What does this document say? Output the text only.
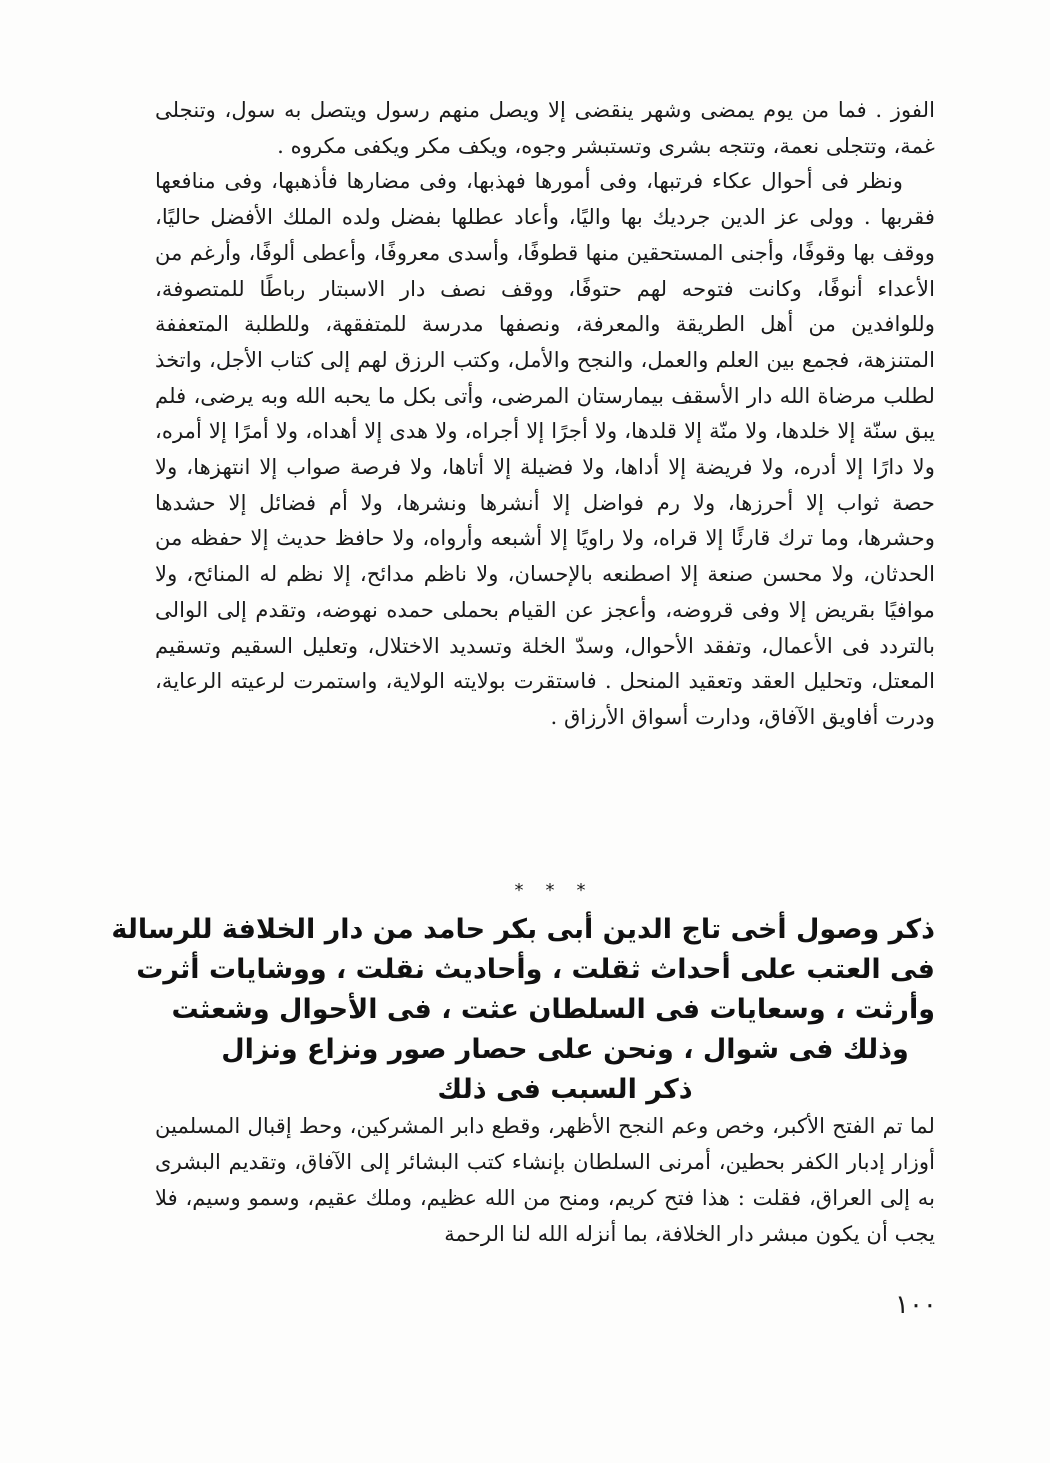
الفوز . فما من يوم يمضى وشهر ينقضى إلا ويصل منهم رسول ويتصل به سول، وتنجلى غمة، وتتجلى نعمة، وتتجه بشرى وتستبشر وجوه، ويكف مكر ويكفى مكروه .

ونظر فى أحوال عكاء فرتبها، وفى أمورها فهذبها، وفى مضارها فأذهبها، وفى منافعها فقربها . وولى عز الدين جرديك بها واليًا، وأعاد عطلها بفضل ولده الملك الأفضل حاليًا، ووقف بها وقوفًا، وأجنى المستحقين منها قطوفًا، وأسدى معروفًا، وأعطى ألوفًا، وأرغم من الأعداء أنوفًا، وكانت فتوحه لهم حتوفًا، ووقف نصف دار الاسبتار رباطًا للمتصوفة، وللوافدين من أهل الطريقة والمعرفة، ونصفها مدرسة للمتفقهة، وللطلبة المتعففة المتنزهة، فجمع بين العلم والعمل، والنجح والأمل، وكتب الرزق لهم إلى كتاب الأجل، واتخذ لطلب مرضاة الله دار الأسقف بيمارستان المرضى، وأتى بكل ما يحبه الله وبه يرضى، فلم يبق سنّة إلا خلدها، ولا منّة إلا قلدها، ولا أجرًا إلا أجراه، ولا هدى إلا أهداه، ولا أمرًا إلا أمره، ولا دارًا إلا أدره، ولا فريضة إلا أداها، ولا فضيلة إلا أتاها، ولا فرصة صواب إلا انتهزها، ولا حصة ثواب إلا أحرزها، ولا رم فواضل إلا أنشرها ونشرها، ولا أم فضائل إلا حشدها وحشرها، وما ترك قارئًا إلا قراه، ولا راويًا إلا أشبعه وأرواه، ولا حافظ حديث إلا حفظه من الحدثان، ولا محسن صنعة إلا اصطنعه بالإحسان، ولا ناظم مدائح، إلا نظم له المنائح، ولا موافيًا بقريض إلا وفى قروضه، وأعجز عن القيام بحملى حمده نهوضه، وتقدم إلى الوالى بالتردد فى الأعمال، وتفقد الأحوال، وسدّ الخلة وتسديد الاختلال، وتعليل السقيم وتسقيم المعتل، وتحليل العقد وتعقيد المنحل . فاستقرت بولايته الولاية، واستمرت لرعيته الرعاية، ودرت أفاويق الآفاق، ودارت أسواق الأرزاق .

* * *
ذكر وصول أخى تاج الدين أبى بكر حامد من دار الخلافة للرسالة
فى العتب على أحداث ثقلت ، وأحاديث نقلت ، ووشايات أثرت
وأرثت ، وسعايات فى السلطان عثت ، فى الأحوال وشعثت
وذلك فى شوال ، ونحن على حصار صور ونزاع ونزال
ذكر السبب فى ذلك

لما تم الفتح الأكبر، وخص وعم النجح الأظهر، وقطع دابر المشركين، وحط إقبال المسلمين أوزار إدبار الكفر بحطين، أمرنى السلطان بإنشاء كتب البشائر إلى الآفاق، وتقديم البشرى به إلى العراق، فقلت : هذا فتح كريم، ومنح من الله عظيم، وملك عقيم، وسمو وسيم، فلا يجب أن يكون مبشر دار الخلافة، بما أنزله الله لنا الرحمة

١٠٠
